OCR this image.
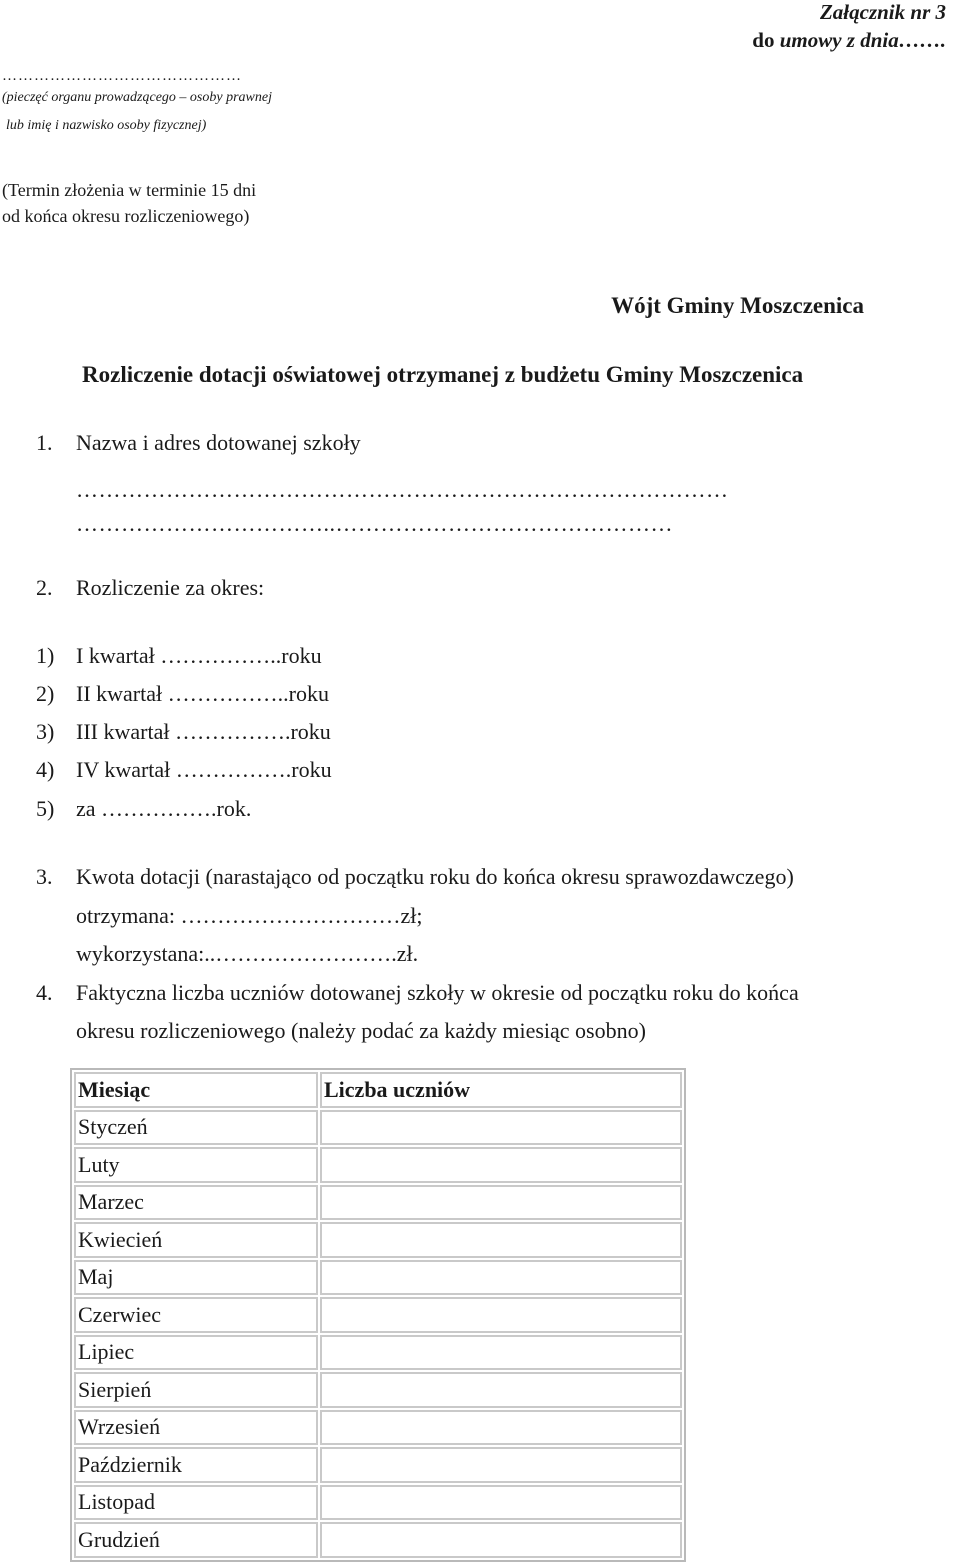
Załącznik nr 3
do umowy z dnia…….
………………………………………
(pieczęć organu prowadzącego – osoby prawnej
lub imię i nazwisko osoby fizycznej)
(Termin złożenia w terminie 15 dni
od końca okresu rozliczeniowego)
Wójt Gminy Moszczenica
Rozliczenie dotacji oświatowej otrzymanej z budżetu Gminy Moszczenica
1. Nazwa i adres dotowanej szkoły
……………………………………………………………………………
……………………………..………………………………………
2. Rozliczenie za okres:
1) I kwartał ……………..roku
2) II kwartał ……………..roku
3) III kwartał …………….roku
4) IV kwartał …………….roku
5) za …………….rok.
3. Kwota dotacji (narastająco od początku roku do końca okresu sprawozdawczego)
otrzymana: …………………………zł;
wykorzystana:..…………………….zł.
4. Faktyczna liczba uczniów dotowanej szkoły w okresie od początku roku do końca
okresu rozliczeniowego (należy podać za każdy miesiąc osobno)
Miesiąc	Liczba uczniów
Styczeń	
Luty	
Marzec	
Kwiecień	
Maj	
Czerwiec	
Lipiec	
Sierpień	
Wrzesień	
Październik	
Listopad	
Grudzień	
